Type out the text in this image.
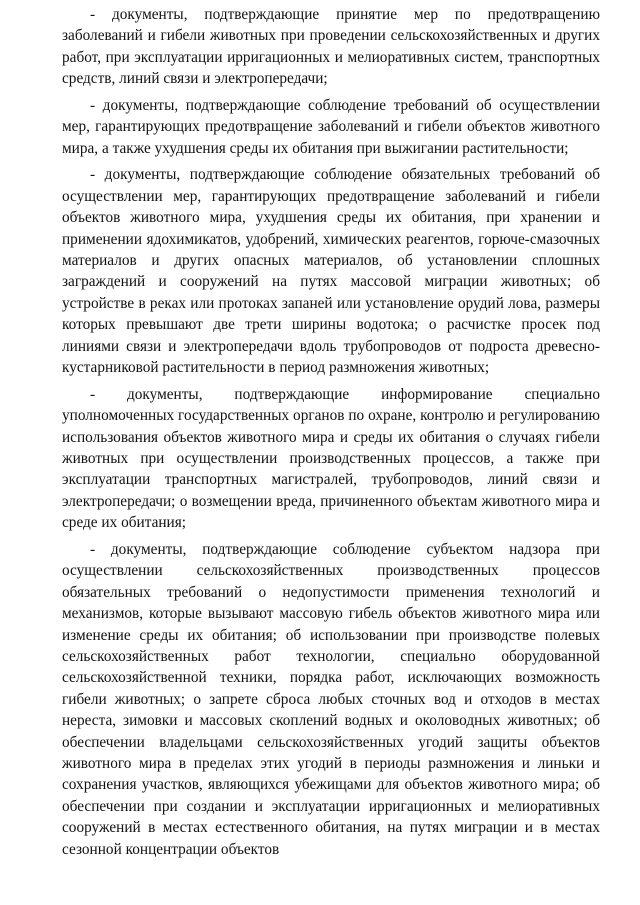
- документы, подтверждающие принятие мер по предотвращению заболеваний и гибели животных при проведении сельскохозяйственных и других работ, при эксплуатации ирригационных и мелиоративных систем, транспортных средств, линий связи и электропередачи;

- документы, подтверждающие соблюдение требований об осуществлении мер, гарантирующих предотвращение заболеваний и гибели объектов животного мира, а также ухудшения среды их обитания при выжигании растительности;

- документы, подтверждающие соблюдение обязательных требований об осуществлении мер, гарантирующих предотвращение заболеваний и гибели объектов животного мира, ухудшения среды их обитания, при хранении и применении ядохимикатов, удобрений, химических реагентов, горюче-смазочных материалов и других опасных материалов, об установлении сплошных заграждений и сооружений на путях массовой миграции животных; об устройстве в реках или протоках запаней или установление орудий лова, размеры которых превышают две трети ширины водотока; о расчистке просек под линиями связи и электропередачи вдоль трубопроводов от подроста древесно-кустарниковой растительности в период размножения животных;

- документы, подтверждающие информирование специально уполномоченных государственных органов по охране, контролю и регулированию использования объектов животного мира и среды их обитания о случаях гибели животных при осуществлении производственных процессов, а также при эксплуатации транспортных магистралей, трубопроводов, линий связи и электропередачи; о возмещении вреда, причиненного объектам животного мира и среде их обитания;

- документы, подтверждающие соблюдение субъектом надзора при осуществлении сельскохозяйственных производственных процессов обязательных требований о недопустимости применения технологий и механизмов, которые вызывают массовую гибель объектов животного мира или изменение среды их обитания; об использовании при производстве полевых сельскохозяйственных работ технологии, специально оборудованной сельскохозяйственной техники, порядка работ, исключающих возможность гибели животных; о запрете сброса любых сточных вод и отходов в местах нереста, зимовки и массовых скоплений водных и околоводных животных; об обеспечении владельцами сельскохозяйственных угодий защиты объектов животного мира в пределах этих угодий в периоды размножения и линьки и сохранения участков, являющихся убежищами для объектов животного мира; об обеспечении при создании и эксплуатации ирригационных и мелиоративных сооружений в местах естественного обитания, на путях миграции и в местах сезонной концентрации объектов
